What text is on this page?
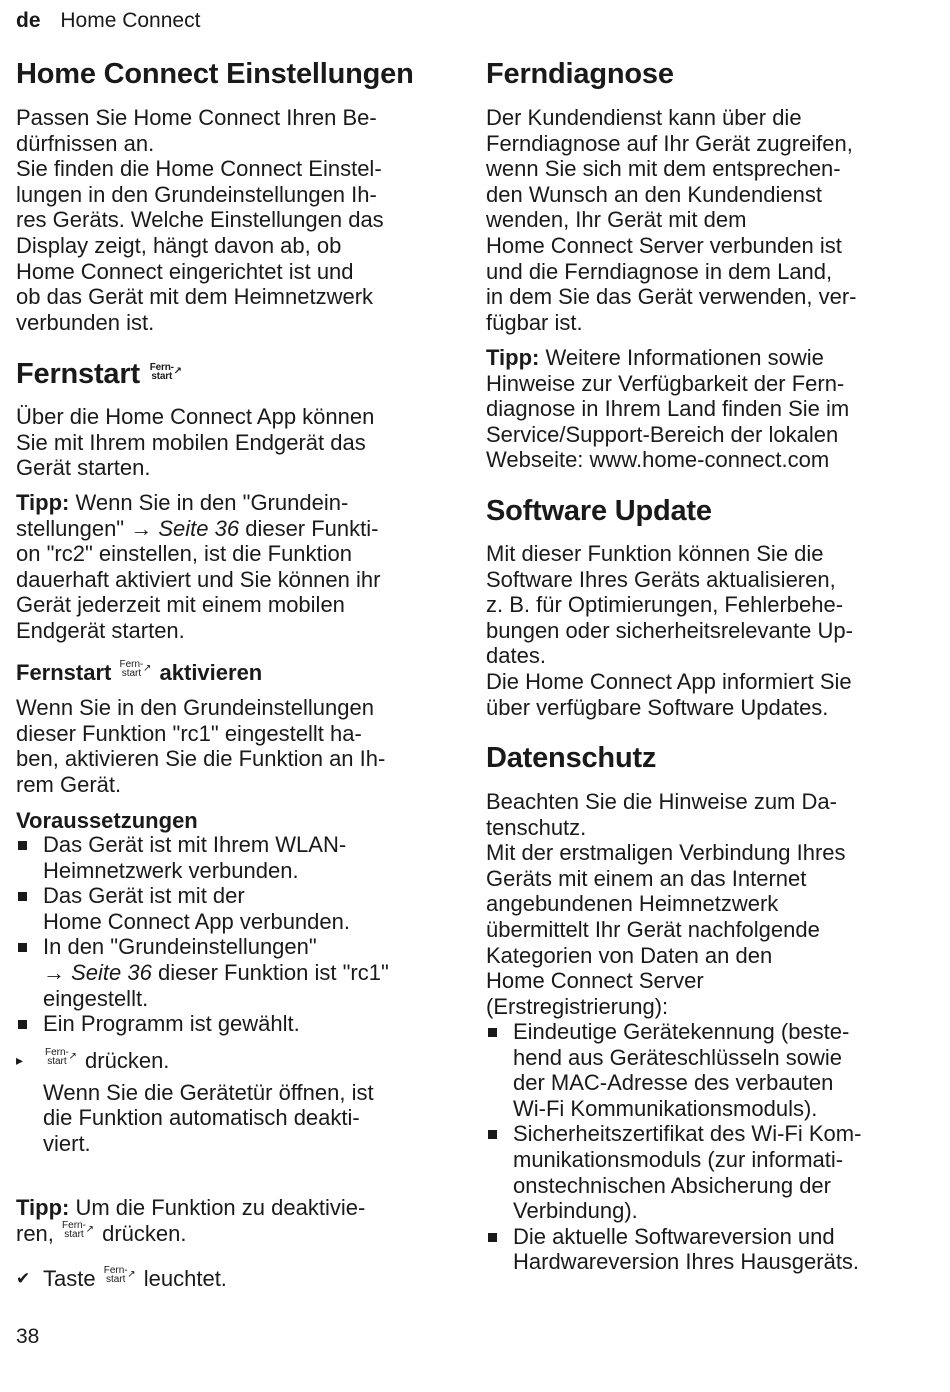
de Home Connect
Home Connect Einstellungen

Passen Sie Home Connect Ihren Be-

dürfnissen an.

Sie finden die Home Connect Einstel-

lungen in den Grundeinstellungen Ih-

res Geräts. Welche Einstellungen das

Display zeigt, hängt davon ab, ob

Home Connect eingerichtet ist und

ob das Gerät mit dem Heimnetzwerk

verbunden ist.

Fernstart Fern-
start ↗

Über die Home Connect App können

Sie mit Ihrem mobilen Endgerät das

Gerät starten.

Tipp: Wenn Sie in den "Grundein-

stellungen" → Seite 36 dieser Funkti-

on "rc2" einstellen, ist die Funktion

dauerhaft aktiviert und Sie können ihr

Gerät jederzeit mit einem mobilen

Endgerät starten.

Fernstart Fern-
start ↗ aktivieren

Wenn Sie in den Grundeinstellungen

dieser Funktion "rc1" eingestellt ha-

ben, aktivieren Sie die Funktion an Ih-

rem Gerät.

Voraussetzungen
Das Gerät ist mit Ihrem WLAN-
Heimnetzwerk verbunden.
Das Gerät ist mit der
Home Connect App verbunden.
In den "Grundeinstellungen"
→ Seite 36 dieser Funktion ist "rc1"
eingestellt.
Ein Programm ist gewählt.
▸ Fern-
start ↗ drücken.
Wenn Sie die Gerätetür öffnen, ist
die Funktion automatisch deakti-
viert.
✔ Taste Fern-
start ↗ leuchtet.

Tipp: Um die Funktion zu deaktivie-

ren, Fern-
start ↗ drücken.

Ferndiagnose

Der Kundendienst kann über die

Ferndiagnose auf Ihr Gerät zugreifen,

wenn Sie sich mit dem entsprechen-

den Wunsch an den Kundendienst

wenden, Ihr Gerät mit dem

Home Connect Server verbunden ist

und die Ferndiagnose in dem Land,

in dem Sie das Gerät verwenden, ver-

fügbar ist.

Tipp: Weitere Informationen sowie

Hinweise zur Verfügbarkeit der Fern-

diagnose in Ihrem Land finden Sie im

Service/Support-Bereich der lokalen

Webseite: www.home-connect.com

Software Update

Mit dieser Funktion können Sie die

Software Ihres Geräts aktualisieren,

z. B. für Optimierungen, Fehlerbehe-

bungen oder sicherheitsrelevante Up-

dates.

Die Home Connect App informiert Sie

über verfügbare Software Updates.

Datenschutz

Beachten Sie die Hinweise zum Da-

tenschutz.

Mit der erstmaligen Verbindung Ihres

Geräts mit einem an das Internet

angebundenen Heimnetzwerk

übermittelt Ihr Gerät nachfolgende

Kategorien von Daten an den

Home Connect Server

(Erstregistrierung):

Eindeutige Gerätekennung (beste-
hend aus Geräteschlüsseln sowie
der MAC-Adresse des verbauten
Wi-Fi Kommunikationsmoduls).
Sicherheitszertifikat des Wi-Fi Kom-
munikationsmoduls (zur informati-
onstechnischen Absicherung der
Verbindung).
Die aktuelle Softwareversion und
Hardwareversion Ihres Hausgeräts.
38
